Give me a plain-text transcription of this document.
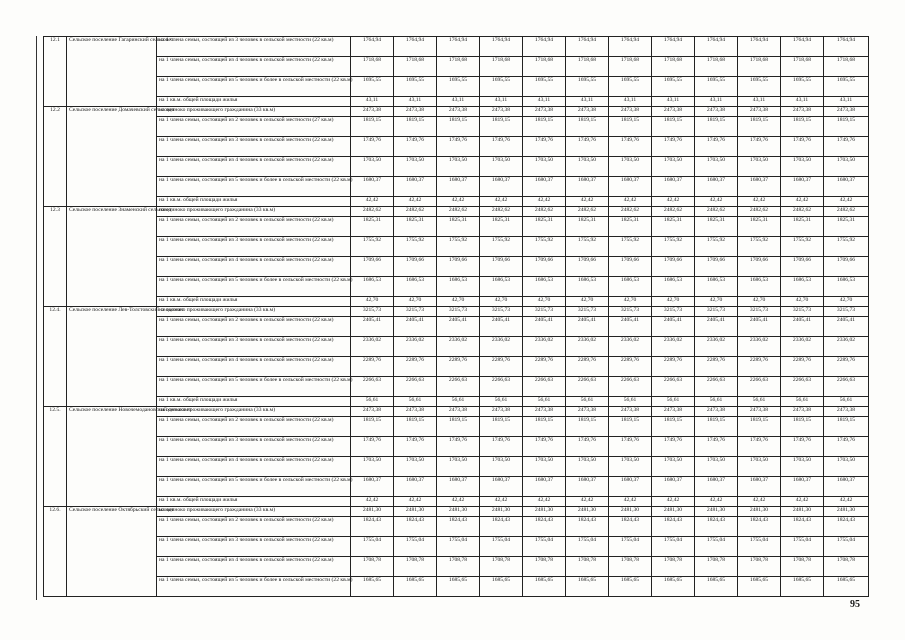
12.1	Сельское поселение Гагаринский сельсовет	на 1 члена семьи, состоящей из 3 человек в сельской местности (22 кв.м)	1764,94	1764,94	1764,94	1764,94	1764,94	1764,94	1764,94	1764,94	1764,94	1764,94	1764,94	1764,94
		на 1 члена семьи, состоящей из 4 человек в сельской местности (22 кв.м)	1718,68	1718,68	1718,68	1718,68	1718,68	1718,68	1718,68	1718,68	1718,68	1718,68	1718,68	1718,68
		на 1 члена семьи, состоящей из 5 человек и более в сельской местности (22 кв.м)	1695,55	1695,55	1695,55	1695,55	1695,55	1695,55	1695,55	1695,55	1695,55	1695,55	1695,55	1695,55
		на 1 кв.м. общей площади жилья	43,11	43,11	43,11	43,11	43,11	43,11	43,11	43,11	43,11	43,11	43,11	43,11
12.2	Сельское поселение Домачевский сельсовет	на одиноко проживающего гражданина (33 кв.м)	2473,38	2473,38	2473,38	2473,38	2473,38	2473,38	2473,38	2473,38	2473,38	2473,38	2473,38	2473,38
		на 1 члена семьи, состоящей из 2 человек в сельской местности (27 кв.м)	1819,15	1819,15	1819,15	1819,15	1819,15	1819,15	1819,15	1819,15	1819,15	1819,15	1819,15	1819,15
		на 1 члена семьи, состоящей из 3 человек в сельской местности (22 кв.м)	1749,76	1749,76	1749,76	1749,76	1749,76	1749,76	1749,76	1749,76	1749,76	1749,76	1749,76	1749,76
		на 1 члена семьи, состоящей из 4 человек в сельской местности (22 кв.м)	1703,50	1703,50	1703,50	1703,50	1703,50	1703,50	1703,50	1703,50	1703,50	1703,50	1703,50	1703,50
		на 1 члена семьи, состоящей из 5 человек и более в сельской местности (22 кв.м)	1680,37	1680,37	1680,37	1680,37	1680,37	1680,37	1680,37	1680,37	1680,37	1680,37	1680,37	1680,37
		на 1 кв.м. общей площади жилья	42,42	42,42	42,42	42,42	42,42	42,42	42,42	42,42	42,42	42,42	42,42	42,42
12.3	Сельское поселение Знаменский сельсовет	на одиноко проживающего гражданина (33 кв.м)	2482,62	2482,62	2482,62	2482,62	2482,62	2482,62	2482,62	2482,62	2482,62	2482,62	2482,62	2482,62
		на 1 члена семьи, состоящей из 2 человек в сельской местности (22 кв.м)	1825,31	1825,31	1825,31	1825,31	1825,31	1825,31	1825,31	1825,31	1825,31	1825,31	1825,31	1825,31
		на 1 члена семьи, состоящей из 3 человек в сельской местности (22 кв.м)	1755,92	1755,92	1755,92	1755,92	1755,92	1755,92	1755,92	1755,92	1755,92	1755,92	1755,92	1755,92
		на 1 члена семьи, состоящей из 4 человек в сельской местности (22 кв.м)	1709,66	1709,66	1709,66	1709,66	1709,66	1709,66	1709,66	1709,66	1709,66	1709,66	1709,66	1709,66
		на 1 члена семьи, состоящей из 5 человек и более в сельской местности (22 кв.м)	1686,53	1686,53	1686,53	1686,53	1686,53	1686,53	1686,53	1686,53	1686,53	1686,53	1686,53	1686,53
		на 1 кв.м. общей площади жилья	42,70	42,70	42,70	42,70	42,70	42,70	42,70	42,70	42,70	42,70	42,70	42,70
12.4.	Сельское поселение Лев-Толстовский сельсовет	на одиноко проживающего гражданина (33 кв.м)	3215,73	3215,73	3215,73	3215,73	3215,73	3215,73	3215,73	3215,73	3215,73	3215,73	3215,73	3215,73
		на 1 члена семьи, состоящей из 2 человек в сельской местности (22 кв.м)	2405,41	2405,41	2405,41	2405,41	2405,41	2405,41	2405,41	2405,41	2405,41	2405,41	2405,41	2405,41
		на 1 члена семьи, состоящей из 3 человек в сельской местности (22 кв.м)	2336,02	2336,02	2336,02	2336,02	2336,02	2336,02	2336,02	2336,02	2336,02	2336,02	2336,02	2336,02
		на 1 члена семьи, состоящей из 4 человек в сельской местности (22 кв.м)	2289,76	2289,76	2289,76	2289,76	2289,76	2289,76	2289,76	2289,76	2289,76	2289,76	2289,76	2289,76
		на 1 члена семьи, состоящей из 5 человек и более в сельской местности (22 кв.м)	2266,63	2266,63	2266,63	2266,63	2266,63	2266,63	2266,63	2266,63	2266,63	2266,63	2266,63	2266,63
		на 1 кв.м. общей площади жилья	56,61	56,61	56,61	56,61	56,61	56,61	56,61	56,61	56,61	56,61	56,61	56,61
12.5.	Сельское поселение Новочемодановский сельсовет	на одиноко проживающего гражданина (33 кв.м)	2473,38	2473,38	2473,38	2473,38	2473,38	2473,38	2473,38	2473,38	2473,38	2473,38	2473,38	2473,38
		на 1 члена семьи, состоящей из 2 человек в сельской местности (22 кв.м)	1819,15	1819,15	1819,15	1819,15	1819,15	1819,15	1819,15	1819,15	1819,15	1819,15	1819,15	1819,15
		на 1 члена семьи, состоящей из 3 человек в сельской местности (22 кв.м)	1749,76	1749,76	1749,76	1749,76	1749,76	1749,76	1749,76	1749,76	1749,76	1749,76	1749,76	1749,76
		на 1 члена семьи, состоящей из 4 человек в сельской местности (22 кв.м)	1703,50	1703,50	1703,50	1703,50	1703,50	1703,50	1703,50	1703,50	1703,50	1703,50	1703,50	1703,50
		на 1 члена семьи, состоящей из 5 человек и более в сельской местности (22 кв.м)	1680,37	1680,37	1680,37	1680,37	1680,37	1680,37	1680,37	1680,37	1680,37	1680,37	1680,37	1680,37
		на 1 кв.м. общей площади жилья	42,42	42,42	42,42	42,42	42,42	42,42	42,42	42,42	42,42	42,42	42,42	42,42
12.6.	Сельское поселение Октябрьский сельсовет	на одиноко проживающего гражданина (33 кв.м)	2481,30	2481,30	2481,30	2481,30	2481,30	2481,30	2481,30	2481,30	2481,30	2481,30	2481,30	2481,30
		на 1 члена семьи, состоящей из 2 человек в сельской местности (22 кв.м)	1824,43	1824,43	1824,43	1824,43	1824,43	1824,43	1824,43	1824,43	1824,43	1824,43	1824,43	1824,43
		на 1 члена семьи, состоящей из 3 человек в сельской местности (22 кв.м)	1755,04	1755,04	1755,04	1755,04	1755,04	1755,04	1755,04	1755,04	1755,04	1755,04	1755,04	1755,04
		на 1 члена семьи, состоящей из 4 человек в сельской местности (22 кв.м)	1708,78	1708,78	1708,78	1708,78	1708,78	1708,78	1708,78	1708,78	1708,78	1708,78	1708,78	1708,78
		на 1 члена семьи, состоящей из 5 человек и более в сельской местности (22 кв.м)	1685,65	1685,65	1685,65	1685,65	1685,65	1685,65	1685,65	1685,65	1685,65	1685,65	1685,65	1685,65
95
